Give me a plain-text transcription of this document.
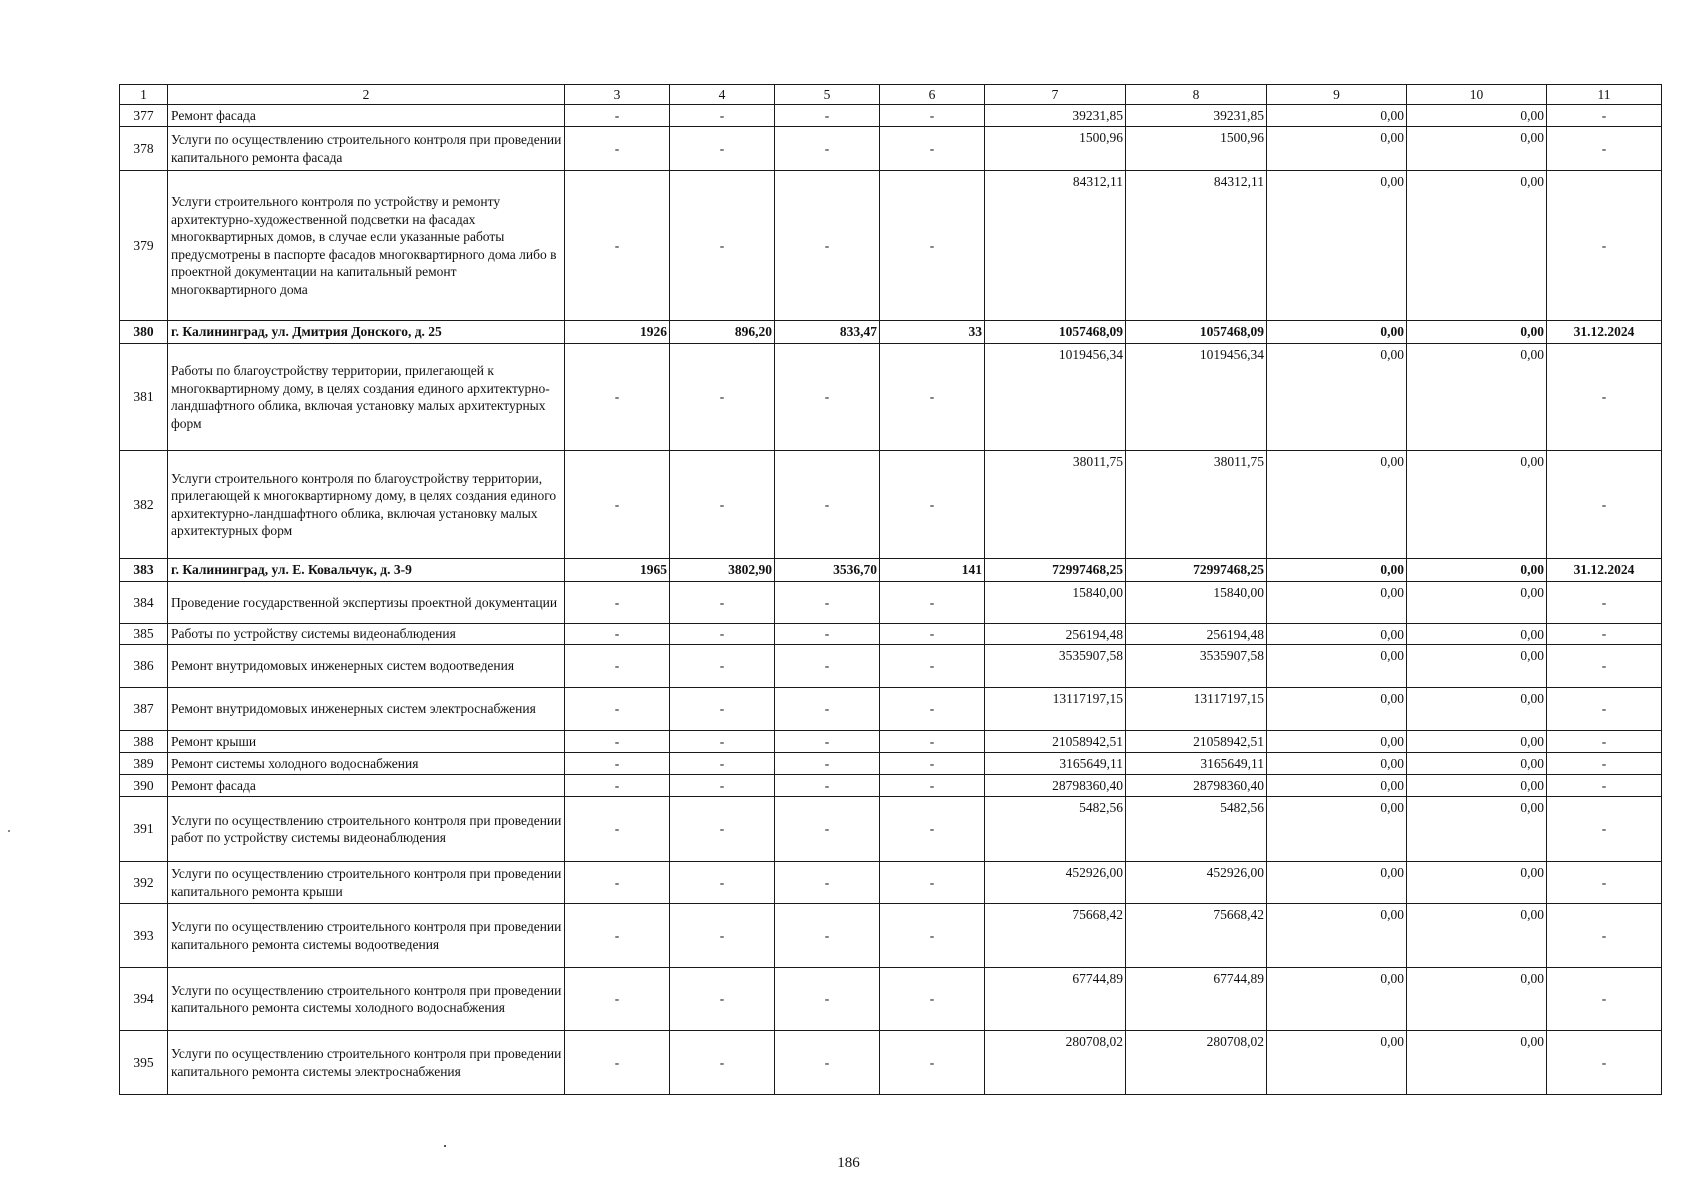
1	2	3	4	5	6	7	8	9	10	11
377	Ремонт фасада	-	-	-	-	39231,85	39231,85	0,00	0,00	-
378	Услуги по осуществлению строительного контроля при проведении капитального ремонта фасада	-	-	-	-	1500,96	1500,96	0,00	0,00	-
379	Услуги строительного контроля по устройству и ремонту архитектурно-художественной подсветки на фасадах многоквартирных домов, в случае если указанные работы предусмотрены в паспорте фасадов многоквартирного дома либо в проектной документации на капитальный ремонт многоквартирного дома	-	-	-	-	84312,11	84312,11	0,00	0,00	-
380	г. Калининград, ул. Дмитрия Донского, д. 25	1926	896,20	833,47	33	1057468,09	1057468,09	0,00	0,00	31.12.2024
381	Работы по благоустройству территории, прилегающей к многоквартирному дому, в целях создания единого архитектурно-ландшафтного облика, включая установку малых архитектурных форм	-	-	-	-	1019456,34	1019456,34	0,00	0,00	-
382	Услуги строительного контроля по благоустройству территории, прилегающей к многоквартирному дому, в целях создания единого архитектурно-ландшафтного облика, включая установку малых архитектурных форм	-	-	-	-	38011,75	38011,75	0,00	0,00	-
383	г. Калининград, ул. Е. Ковальчук, д. 3-9	1965	3802,90	3536,70	141	72997468,25	72997468,25	0,00	0,00	31.12.2024
384	Проведение государственной экспертизы проектной документации	-	-	-	-	15840,00	15840,00	0,00	0,00	-
385	Работы по устройству системы видеонаблюдения	-	-	-	-	256194,48	256194,48	0,00	0,00	-
386	Ремонт внутридомовых инженерных систем водоотведения	-	-	-	-	3535907,58	3535907,58	0,00	0,00	-
387	Ремонт внутридомовых инженерных систем электроснабжения	-	-	-	-	13117197,15	13117197,15	0,00	0,00	-
388	Ремонт крыши	-	-	-	-	21058942,51	21058942,51	0,00	0,00	-
389	Ремонт системы холодного водоснабжения	-	-	-	-	3165649,11	3165649,11	0,00	0,00	-
390	Ремонт фасада	-	-	-	-	28798360,40	28798360,40	0,00	0,00	-
391	Услуги по осуществлению строительного контроля при проведении работ по устройству системы видеонаблюдения	-	-	-	-	5482,56	5482,56	0,00	0,00	-
392	Услуги по осуществлению строительного контроля при проведении капитального ремонта крыши	-	-	-	-	452926,00	452926,00	0,00	0,00	-
393	Услуги по осуществлению строительного контроля при проведении капитального ремонта системы водоотведения	-	-	-	-	75668,42	75668,42	0,00	0,00	-
394	Услуги по осуществлению строительного контроля при проведении капитального ремонта системы холодного водоснабжения	-	-	-	-	67744,89	67744,89	0,00	0,00	-
395	Услуги по осуществлению строительного контроля при проведении капитального ремонта системы электроснабжения	-	-	-	-	280708,02	280708,02	0,00	0,00	-
186
